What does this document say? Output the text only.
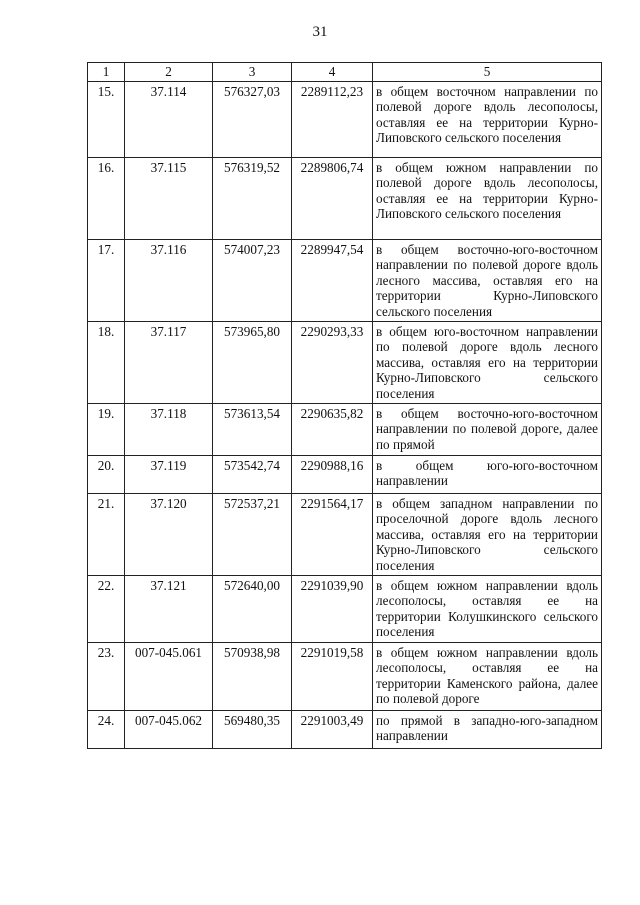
31
1	2	3	4	5
15.	37.114	576327,03	2289112,23	в общем восточном направлении по полевой дороге вдоль лесополосы, оставляя ее на территории Курно-Липовского сельского поселения
16.	37.115	576319,52	2289806,74	в общем южном направлении по полевой дороге вдоль лесополосы, оставляя ее на территории Курно-Липовского сельского поселения
17.	37.116	574007,23	2289947,54	в общем восточно-юго-восточном направлении по полевой дороге вдоль лесного массива, оставляя его на территории Курно-Липовского сельского поселения
18.	37.117	573965,80	2290293,33	в общем юго-восточном направлении по полевой дороге вдоль лесного массива, оставляя его на территории Курно-Липовского сельского поселения
19.	37.118	573613,54	2290635,82	в общем восточно-юго-восточном направлении по полевой дороге, далее по прямой
20.	37.119	573542,74	2290988,16	в общем юго-юго-восточном направлении
21.	37.120	572537,21	2291564,17	в общем западном направлении по проселочной дороге вдоль лесного массива, оставляя его на территории Курно-Липовского сельского поселения
22.	37.121	572640,00	2291039,90	в общем южном направлении вдоль лесополосы, оставляя ее на территории Колушкинского сельского поселения
23.	007-045.061	570938,98	2291019,58	в общем южном направлении вдоль лесополосы, оставляя ее на территории Каменского района, далее по полевой дороге
24.	007-045.062	569480,35	2291003,49	по прямой в западно-юго-западном направлении
